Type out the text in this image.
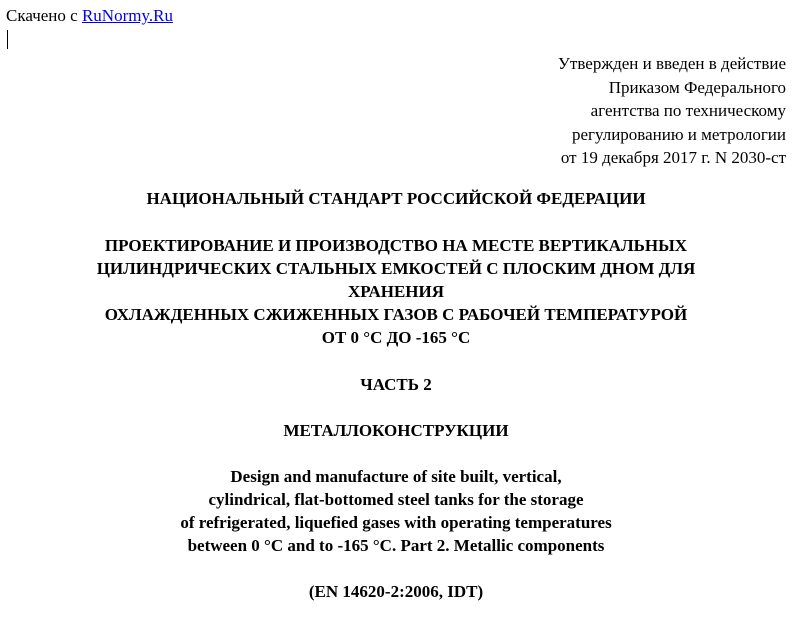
Скачено с RuNormy.Ru
Утвержден и введен в действие
Приказом Федерального
агентства по техническому
регулированию и метрологии
от 19 декабря 2017 г. N 2030-ст
НАЦИОНАЛЬНЫЙ СТАНДАРТ РОССИЙСКОЙ ФЕДЕРАЦИИ
ПРОЕКТИРОВАНИЕ И ПРОИЗВОДСТВО НА МЕСТЕ ВЕРТИКАЛЬНЫХ
ЦИЛИНДРИЧЕСКИХ СТАЛЬНЫХ ЕМКОСТЕЙ С ПЛОСКИМ ДНОМ ДЛЯ
ХРАНЕНИЯ
ОХЛАЖДЕННЫХ СЖИЖЕННЫХ ГАЗОВ С РАБОЧЕЙ ТЕМПЕРАТУРОЙ
ОТ 0 °С ДО -165 °С
ЧАСТЬ 2
МЕТАЛЛОКОНСТРУКЦИИ
Design and manufacture of site built, vertical,
cylindrical, flat-bottomed steel tanks for the storage
of refrigerated, liquefied gases with operating temperatures
between 0 °C and to -165 °C. Part 2. Metallic components
(EN 14620-2:2006, IDT)
